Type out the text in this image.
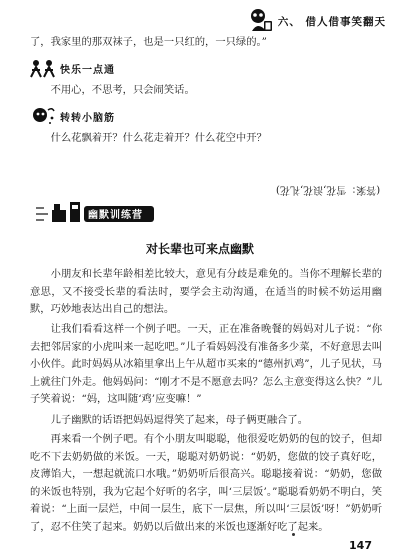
六、 借人借事笑翻天

了，我家里的那双袜子，也是一只红的，一只绿的。”

快乐一点通

不用心，不思考，只会闹笑话。

转转小脑筋

什么花飘着开？什么花走着开？什么花空中开？

(答案：雪花,浪花,礼花)

幽默训练营
对长辈也可来点幽默

小朋友和长辈年龄相差比较大，意见有分歧是难免的。当你不理解长辈的意思，又不接受长辈的看法时，要学会主动沟通，在适当的时候不妨运用幽默，巧妙地表达出自己的想法。

让我们看看这样一个例子吧。一天，正在准备晚餐的妈妈对儿子说：“你去把邻居家的小虎叫来一起吃吧。”儿子看妈妈没有准备多少菜，不好意思去叫小伙伴。此时妈妈从冰箱里拿出上午从超市买来的“德州扒鸡”，儿子见状，马上就往门外走。他妈妈问：“刚才不是不愿意去吗？怎么主意变得这么快？”儿子笑着说：“妈，这叫随‘鸡’应变嘛！”

儿子幽默的话语把妈妈逗得笑了起来，母子俩更融合了。

再来看一个例子吧。有个小朋友叫聪聪，他很爱吃奶奶的包的饺子，但却吃不下去奶奶做的米饭。一天，聪聪对奶奶说：“奶奶，您做的饺子真好吃，皮薄馅大，一想起就流口水哦。”奶奶听后很高兴。聪聪接着说：“奶奶，您做的米饭也特别，我为它起个好听的名字，叫‘三层饭’。”聪聪看奶奶不明白，笑着说：“上面一层烂，中间一层生，底下一层焦，所以叫‘三层饭’呀！”奶奶听了，忍不住笑了起来。奶奶以后做出来的米饭也逐渐好吃了起来。

147
